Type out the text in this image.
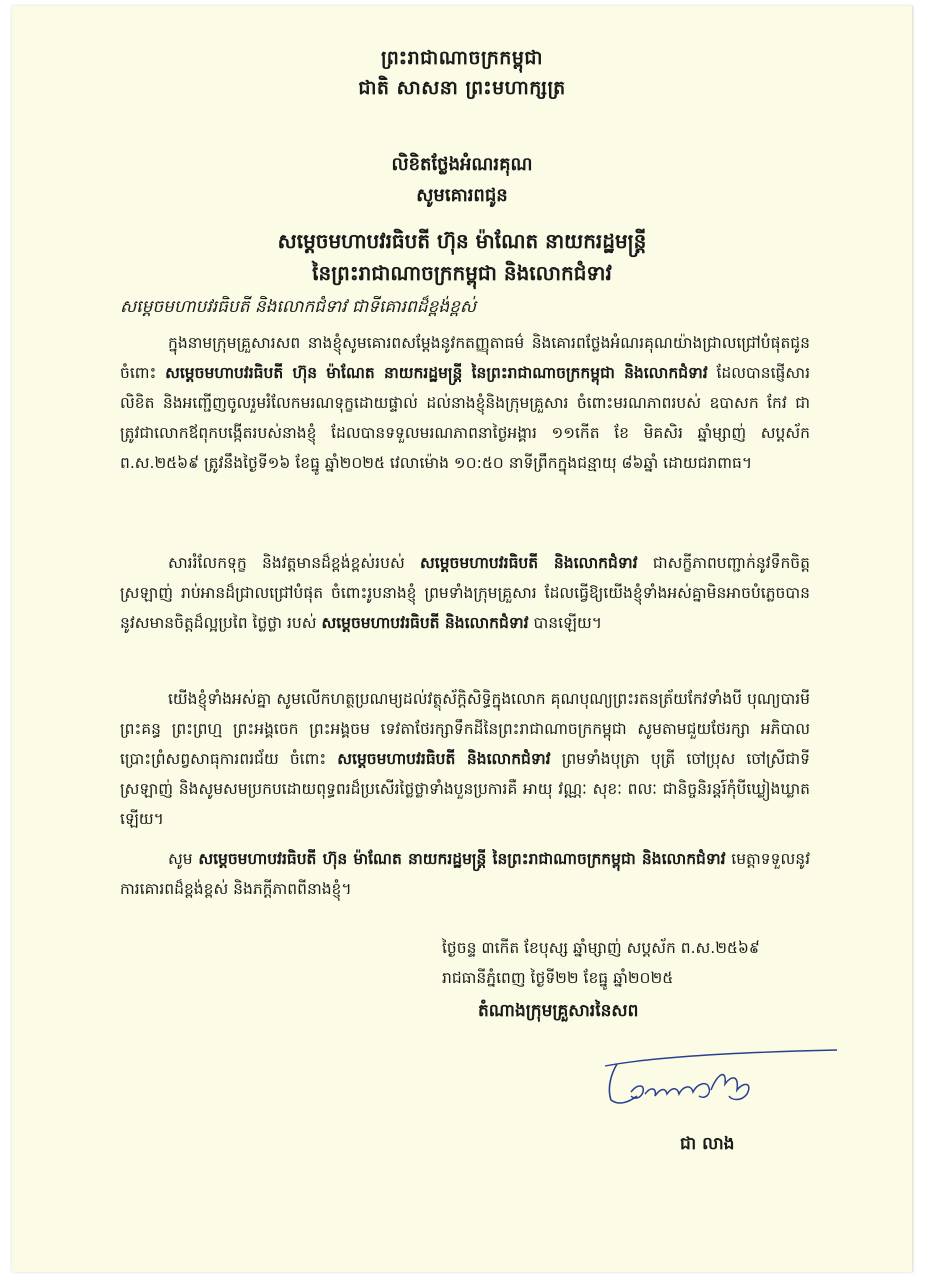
ព្រះរាជាណាចក្រកម្ពុជា
ជាតិ សាសនា ព្រះមហាក្សត្រ
លិខិតថ្លែងអំណរគុណ
សូមគោរពជូន
សម្តេចមហាបវរធិបតី ហ៊ុន ម៉ាណែត នាយករដ្ឋមន្ត្រី
នៃព្រះរាជាណាចក្រកម្ពុជា និងលោកជំទាវ
សម្តេចមហាបវរធិបតី និងលោកជំទាវ ជាទីគោរពដ៏ខ្ពង់ខ្ពស់
ក្នុងនាមក្រុមគ្រួសារសព នាងខ្ញុំសូមគោរពសម្តែងនូវកតញ្ញុតាធម៌ និងគោរពថ្លែងអំណរគុណយ៉ាងជ្រាលជ្រៅបំផុតជូនចំពោះ សម្តេចមហាបវរធិបតី ហ៊ុន ម៉ាណែត នាយករដ្ឋមន្ត្រី នៃព្រះរាជាណាចក្រកម្ពុជា និងលោកជំទាវ ដែលបានផ្ញើសារលិខិត និងអញ្ជើញចូលរួមរំលែកមរណទុក្ខដោយផ្ទាល់ ដល់នាងខ្ញុំនិងក្រុមគ្រួសារ ចំពោះមរណភាពរបស់ ឧបាសក កែវ ជា ត្រូវជាលោកឪពុកបង្កើតរបស់នាងខ្ញុំ ដែលបានទទួលមរណភាពនាថ្ងៃអង្គារ ១១កើត ខែ មិគសិរ ឆ្នាំម្សាញ់ សប្តស័ក ព.ស.២៥៦៩ ត្រូវនឹងថ្ងៃទី១៦ ខែធ្នូ ឆ្នាំ២០២៥ វេលាម៉ោង ១០:៥០ នាទីព្រឹកក្នុងជន្មាយុ ៨៦ឆ្នាំ ដោយជរាពាធ។
សាររំលែកទុក្ខ និងវត្តមានដ៏ខ្ពង់ខ្ពស់របស់ សម្តេចមហាបវរធិបតី និងលោកជំទាវ ជាសក្ខីភាពបញ្ជាក់នូវទឹកចិត្ត ស្រឡាញ់ រាប់អានដ៏ជ្រាលជ្រៅបំផុត ចំពោះរូបនាងខ្ញុំ ព្រមទាំងក្រុមគ្រួសារ ដែលធ្វើឱ្យយើងខ្ញុំទាំងអស់គ្នាមិនអាចបំភ្លេចបាន នូវសមានចិត្តដ៏ល្អប្រពៃ ថ្លៃថ្លា របស់ សម្តេចមហាបវរធិបតី និងលោកជំទាវ បានឡើយ។
យើងខ្ញុំទាំងអស់គ្នា សូមលើកហត្ថប្រណម្យដល់វត្ថុស័ក្តិសិទ្ធិក្នុងលោក គុណបុណ្យព្រះរតនត្រ័យកែវទាំងបី បុណ្យបារមីព្រះគន្ធ ព្រះព្រហ្ម ព្រះអង្គចេក ព្រះអង្គចម ទេវតាថែរក្សាទឹកដីនៃព្រះរាជាណាចក្រកម្ពុជា សូមតាមជួយថែរក្សា អភិបាលប្រោះព្រំសព្វសាធុការពរជ័យ ចំពោះ សម្តេចមហាបវរធិបតី និងលោកជំទាវ ព្រមទាំងបុត្រា បុត្រី ចៅប្រុស ចៅស្រីជាទីស្រឡាញ់ និងសូមសមប្រកបដោយពុទ្ធពរដ៏ប្រសើរថ្លៃថ្លាទាំងបួនប្រការគឺ អាយុ វណ្ណៈ សុខៈ ពលៈ ជានិច្ចនិរន្តរ៍កុំបីឃ្លៀងឃ្លាតឡើយ។
សូម សម្តេចមហាបវរធិបតី ហ៊ុន ម៉ាណែត នាយករដ្ឋមន្ត្រី នៃព្រះរាជាណាចក្រកម្ពុជា និងលោកជំទាវ មេត្តាទទួលនូវការគោរពដ៏ខ្ពង់ខ្ពស់ និងភក្តីភាពពីនាងខ្ញុំ។
ថ្ងៃចន្ទ ៣កើត ខែបុស្ស ឆ្នាំម្សាញ់ សប្តស័ក ព.ស.២៥៦៩
រាជធានីភ្នំពេញ ថ្ងៃទី២២ ខែធ្នូ ឆ្នាំ២០២៥
តំណាងក្រុមគ្រួសារនៃសព
Leancha
ជា លាង
